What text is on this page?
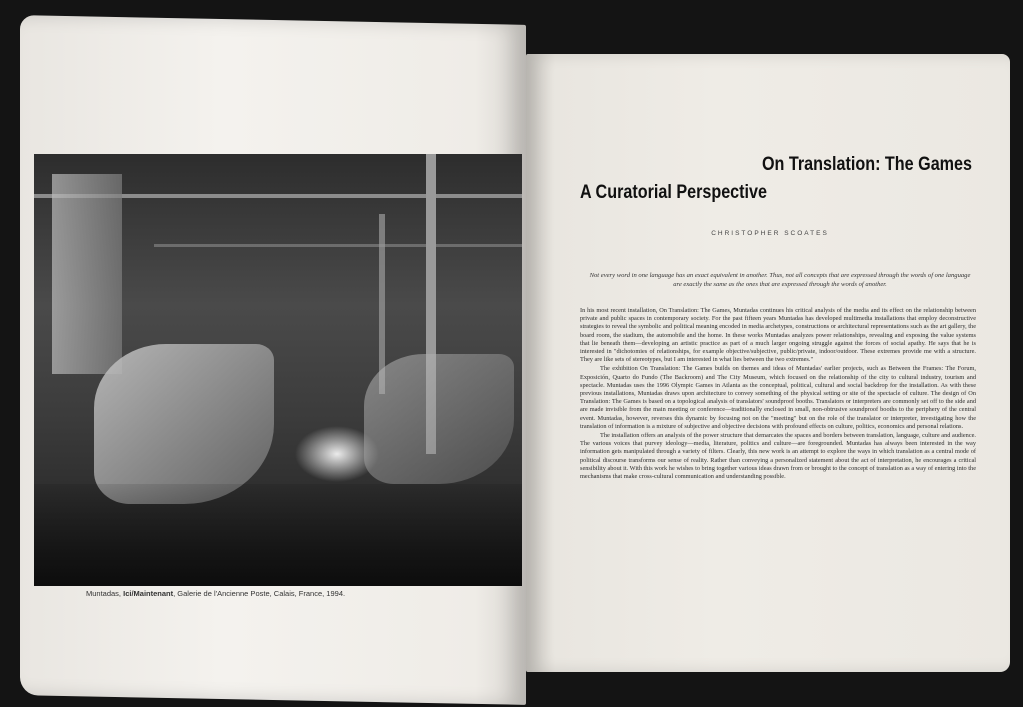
Muntadas, Ici/Maintenant, Galerie de l'Ancienne Poste, Calais, France, 1994.
On Translation: The Games
A Curatorial Perspective
CHRISTOPHER SCOATES
Not every word in one language has an exact equivalent in another. Thus, not all concepts that are expressed through the words of one language are exactly the same as the ones that are expressed through the words of another.

In his most recent installation, On Translation: The Games, Muntadas continues his critical analysis of the media and its effect on the relationship between private and public spaces in contemporary society. For the past fifteen years Muntadas has developed multimedia installations that employ deconstructive strategies to reveal the symbolic and political meaning encoded in media archetypes, constructions or architectural representations such as the art gallery, the board room, the stadium, the automobile and the home. In these works Muntadas analyzes power relationships, revealing and exposing the value systems that lie beneath them—developing an artistic practice as part of a much larger ongoing struggle against the forces of social apathy. He says that he is interested in "dichotomies of relationships, for example objective/subjective, public/private, indoor/outdoor. These extremes provide me with a structure. They are like sets of stereotypes, but I am interested in what lies between the two extremes."

The exhibition On Translation: The Games builds on themes and ideas of Muntadas' earlier projects, such as Between the Frames: The Forum, Exposición, Quarto do Fundo (The Backroom) and The City Museum, which focused on the relationship of the city to cultural industry, tourism and spectacle. Muntadas uses the 1996 Olympic Games in Atlanta as the conceptual, political, cultural and social backdrop for the installation. As with these previous installations, Muntadas draws upon architecture to convey something of the physical setting or site of the spectacle of culture. The design of On Translation: The Games is based on a topological analysis of translators' soundproof booths. Translators or interpreters are commonly set off to the side and are made invisible from the main meeting or conference—traditionally enclosed in small, non-obtrusive soundproof booths to the periphery of the central event. Muntadas, however, reverses this dynamic by focusing not on the "meeting" but on the role of the translator or interpreter, investigating how the translation of information is a mixture of subjective and objective decisions with profound effects on culture, politics, economics and personal relations.

The installation offers an analysis of the power structure that demarcates the spaces and borders between translation, language, culture and audience. The various voices that purvey ideology—media, literature, politics and culture—are foregrounded. Muntadas has always been interested in the way information gets manipulated through a variety of filters. Clearly, this new work is an attempt to explore the ways in which translation as a central mode of political discourse transforms our sense of reality. Rather than conveying a personalized statement about the act of interpretation, he encourages a critical sensibility about it. With this work he wishes to bring together various ideas drawn from or brought to the concept of translation as a way of entering into the mechanisms that make cross-cultural communication and understanding possible.
